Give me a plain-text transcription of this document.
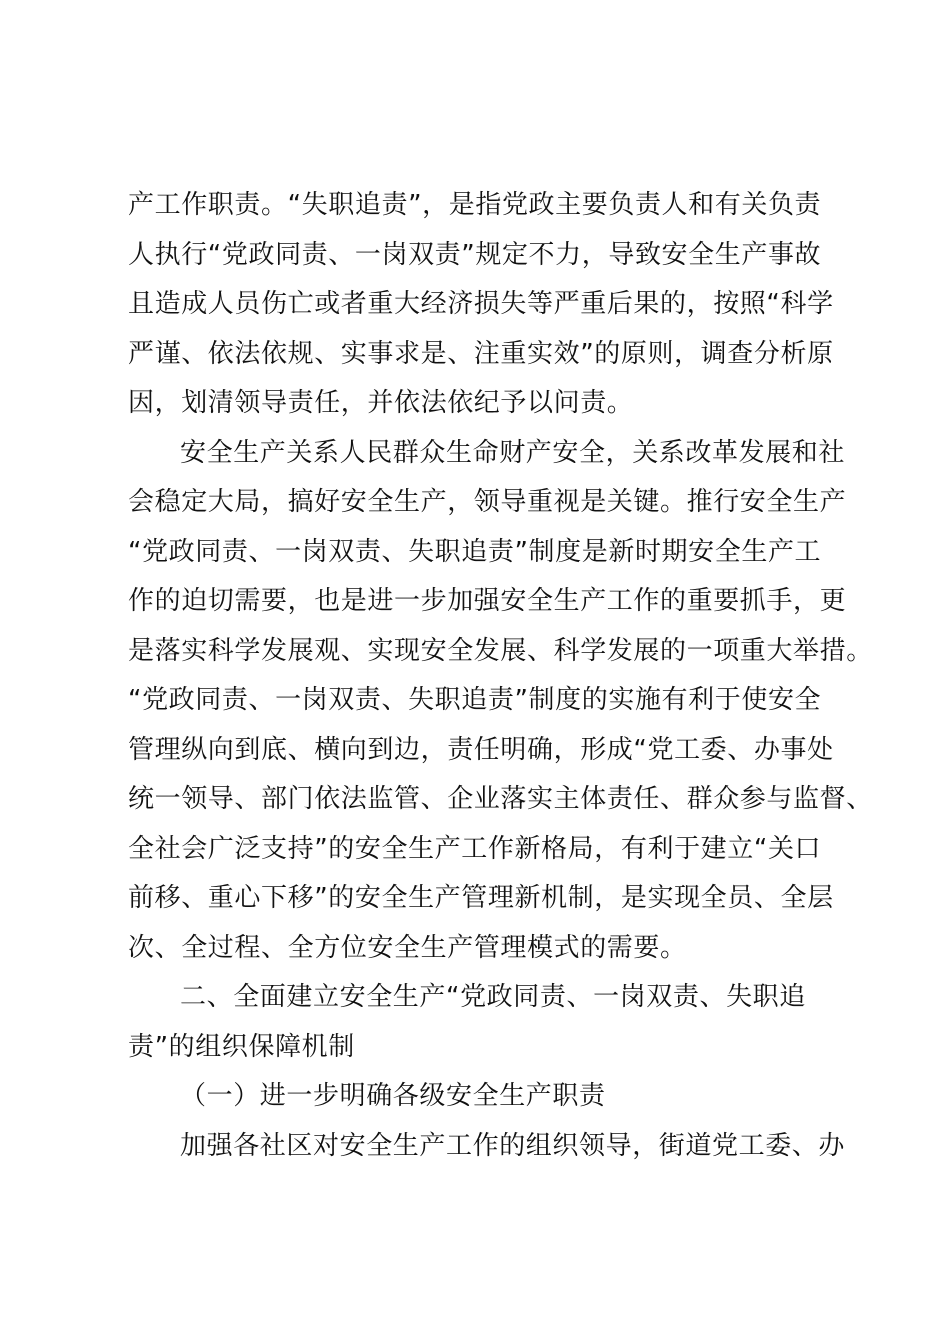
产工作职责。“失职追责”，是指党政主要负责人和有关负责
人执行“党政同责、一岗双责”规定不力，导致安全生产事故
且造成人员伤亡或者重大经济损失等严重后果的，按照“科学
严谨、依法依规、实事求是、注重实效”的原则，调查分析原
因，划清领导责任，并依法依纪予以问责。
安全生产关系人民群众生命财产安全，关系改革发展和社
会稳定大局，搞好安全生产，领导重视是关键。推行安全生产
“党政同责、一岗双责、失职追责”制度是新时期安全生产工
作的迫切需要，也是进一步加强安全生产工作的重要抓手，更
是落实科学发展观、实现安全发展、科学发展的一项重大举措。
“党政同责、一岗双责、失职追责”制度的实施有利于使安全
管理纵向到底、横向到边，责任明确，形成“党工委、办事处
统一领导、部门依法监管、企业落实主体责任、群众参与监督、
全社会广泛支持”的安全生产工作新格局，有利于建立“关口
前移、重心下移”的安全生产管理新机制，是实现全员、全层
次、全过程、全方位安全生产管理模式的需要。
二、全面建立安全生产“党政同责、一岗双责、失职追
责”的组织保障机制
（一）进一步明确各级安全生产职责
加强各社区对安全生产工作的组织领导，街道党工委、办
